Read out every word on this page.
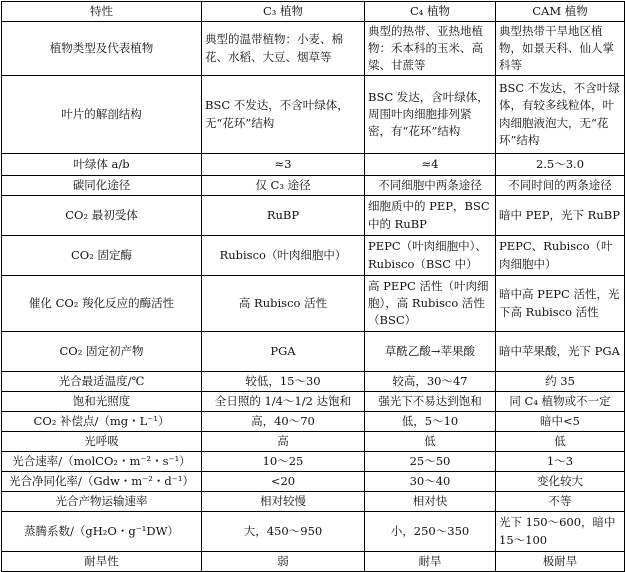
特性	C₃ 植物	C₄ 植物	CAM 植物
植物类型及代表植物	典型的温带植物：小麦、棉花、水稻、大豆、烟草等	典型的热带、亚热地植物：禾本科的玉米、高粱、甘蔗等	典型热带干旱地区植物，如景天科、仙人掌科等
叶片的解剖结构	BSC 不发达，不含叶绿体，无“花环”结构	BSC 发达，含叶绿体，周围叶肉细胞排列紧密，有“花环”结构	BSC 不发达，不含叶绿体，有较多线粒体，叶肉细胞液泡大，无“花环”结构
叶绿体 a/b	≈3	≈4	2.5～3.0
碳同化途径	仅 C₃ 途径	不同细胞中两条途径	不同时间的两条途径
CO₂ 最初受体	RuBP	细胞质中的 PEP，BSC 中的 RuBP	暗中 PEP，光下 RuBP
CO₂ 固定酶	Rubisco（叶肉细胞中）	PEPC（叶肉细胞中）、Rubisco（BSC 中）	PEPC、Rubisco（叶肉细胞中）
催化 CO₂ 羧化反应的酶活性	高 Rubisco 活性	高 PEPC 活性（叶肉细胞），高 Rubisco 活性（BSC）	暗中高 PEPC 活性，光下高 Rubisco 活性
CO₂ 固定初产物	PGA	草酰乙酸→苹果酸	暗中苹果酸，光下 PGA
光合最适温度/℃	较低，15～30	较高，30～47	约 35
饱和光照度	全日照的 1/4～1/2 达饱和	强光下不易达到饱和	同 C₄ 植物或不一定
CO₂ 补偿点/（mg・L⁻¹）	高，40～70	低，5～10	暗中<5
光呼吸	高	低	低
光合速率/（molCO₂・m⁻²・s⁻¹）	10～25	25～50	1～3
光合净同化率/（Gdw・m⁻²・d⁻¹）	<20	30～40	变化较大
光合产物运输速率	相对较慢	相对快	不等
蒸腾系数/（gH₂O・g⁻¹DW）	大，450～950	小，250～350	光下 150～600，暗中 15～100
耐旱性	弱	耐旱	极耐旱
